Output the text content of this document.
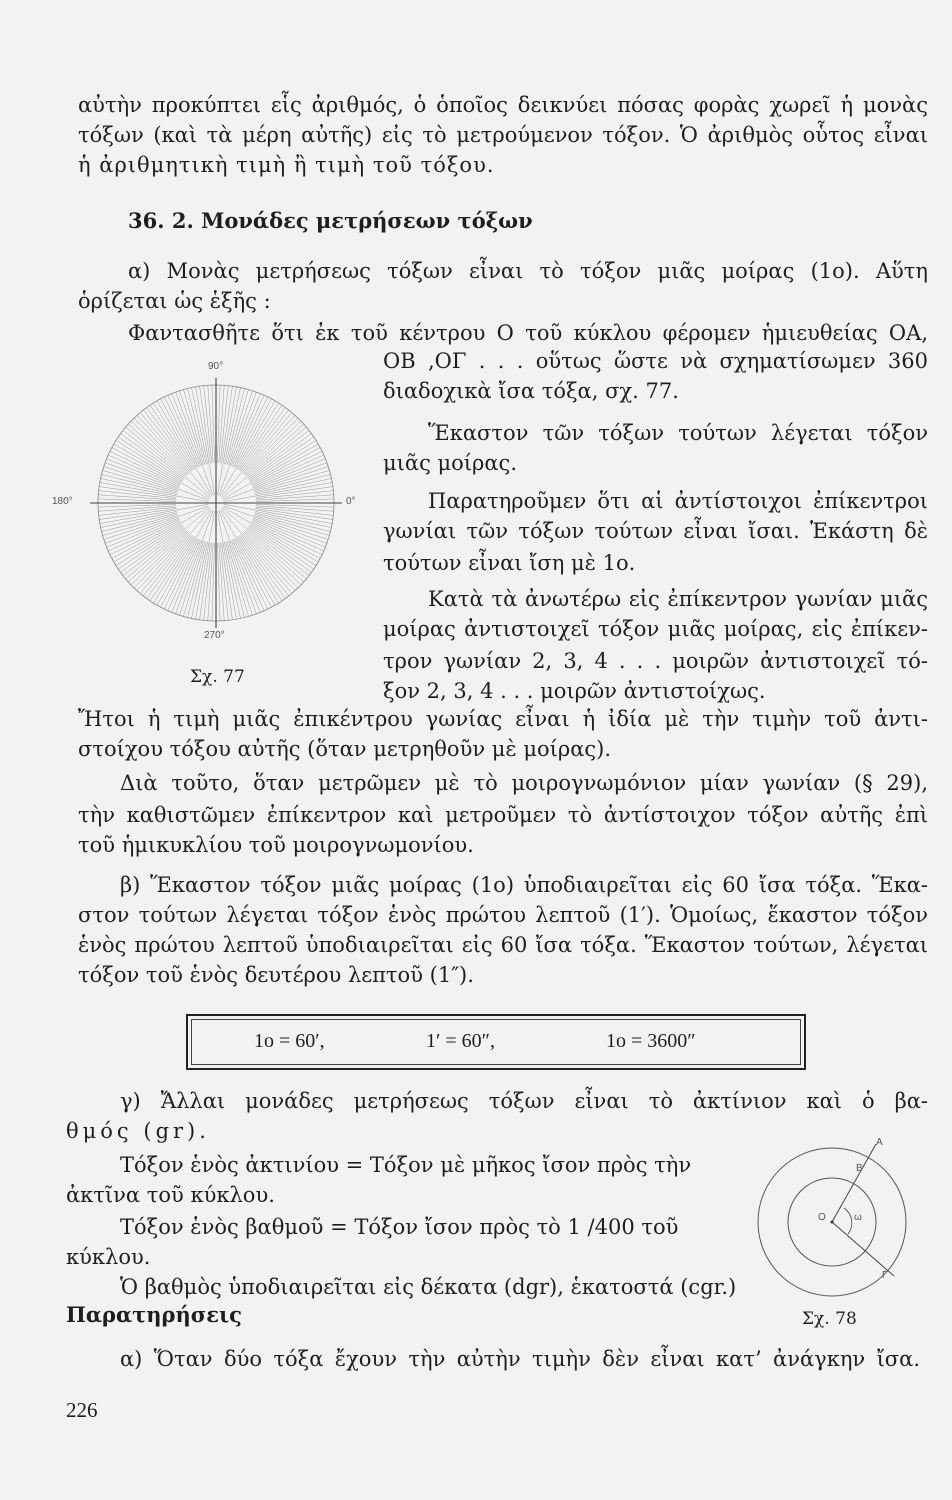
αὐτὴν προκύπτει εἷς ἀριθμός, ὁ ὁποῖος δεικνύει πόσας φορὰς χωρεῖ ἡ μονὰς
τόξων (καὶ τὰ μέρη αὐτῆς) εἰς τὸ μετρούμενον τόξον. Ὁ ἀριθμὸς οὗτος εἶναι
ἡ ἀριθμητικὴ τιμὴ ἢ τιμὴ τοῦ τόξου.
36. 2. Μονάδες μετρήσεων τόξων
α) Μονὰς μετρήσεως τόξων εἶναι τὸ τόξον μιᾶς μοίρας (1ο). Αὕτη
ὁρίζεται ὡς ἑξῆς :
Φαντασθῆτε ὅτι ἐκ τοῦ κέντρου Ο τοῦ κύκλου φέρομεν ἡμιευθείας ΟΑ,
ΟΒ ,ΟΓ . . . οὕτως ὥστε νὰ σχηματίσωμεν 360
διαδοχικὰ ἴσα τόξα, σχ. 77.
Ἕκαστον τῶν τόξων τούτων λέγεται τόξον
μιᾶς μοίρας.
Παρατηροῦμεν ὅτι αἱ ἀντίστοιχοι ἐπίκεντροι
γωνίαι τῶν τόξων τούτων εἶναι ἴσαι. Ἑκάστη δὲ
τούτων εἶναι ἴση μὲ 1ο.
Κατὰ τὰ ἀνωτέρω εἰς ἐπίκεντρον γωνίαν μιᾶς
μοίρας ἀντιστοιχεῖ τόξον μιᾶς μοίρας, εἰς ἐπίκεν-
τρον γωνίαν 2, 3, 4 . . . μοιρῶν ἀντιστοιχεῖ τό-
ξον 2, 3, 4 . . . μοιρῶν ἀντιστοίχως.
90°
180°	0°
270°
Σχ. 77
Ἤτοι ἡ τιμὴ μιᾶς ἐπικέντρου γωνίας εἶναι ἡ ἰδία μὲ τὴν τιμὴν τοῦ ἀντι-
στοίχου τόξου αὐτῆς (ὅταν μετρηθοῦν μὲ μοίρας).
Διὰ τοῦτο, ὅταν μετρῶμεν μὲ τὸ μοιρογνωμόνιον μίαν γωνίαν (§ 29),
τὴν καθιστῶμεν ἐπίκεντρον καὶ μετροῦμεν τὸ ἀντίστοιχον τόξον αὐτῆς ἐπὶ
τοῦ ἡμικυκλίου τοῦ μοιρογνωμονίου.
β) Ἕκαστον τόξον μιᾶς μοίρας (1ο) ὑποδιαιρεῖται εἰς 60 ἴσα τόξα. Ἕκα-
στον τούτων λέγεται τόξον ἑνὸς πρώτου λεπτοῦ (1′). Ὁμοίως, ἕκαστον τόξον
ἑνὸς πρώτου λεπτοῦ ὑποδιαιρεῖται εἰς 60 ἴσα τόξα. Ἕκαστον τούτων, λέγεται
τόξον τοῦ ἑνὸς δευτέρου λεπτοῦ (1″).
1ο = 60′,	1′ = 60″,	1ο = 3600″
γ) Ἄλλαι μονάδες μετρήσεως τόξων εἶναι τὸ ἀκτίνιον καὶ ὁ βα-
θμός (gr).
Τόξον ἑνὸς ἀκτινίου = Τόξον μὲ μῆκος ἴσον πρὸς τὴν
ἀκτῖνα τοῦ κύκλου.
Τόξον ἑνὸς βαθμοῦ = Τόξον ἴσον πρὸς τὸ 1 /400 τοῦ
κύκλου.
Ὁ βαθμὸς ὑποδιαιρεῖται εἰς δέκατα (dgr), ἑκατοστά (cgr.)
A
B
Γ
O	ω
Σχ. 78
Παρατηρήσεις
α) Ὅταν δύο τόξα ἔχουν τὴν αὐτὴν τιμὴν δὲν εἶναι κατ’ ἀνάγκην ἴσα.
226
